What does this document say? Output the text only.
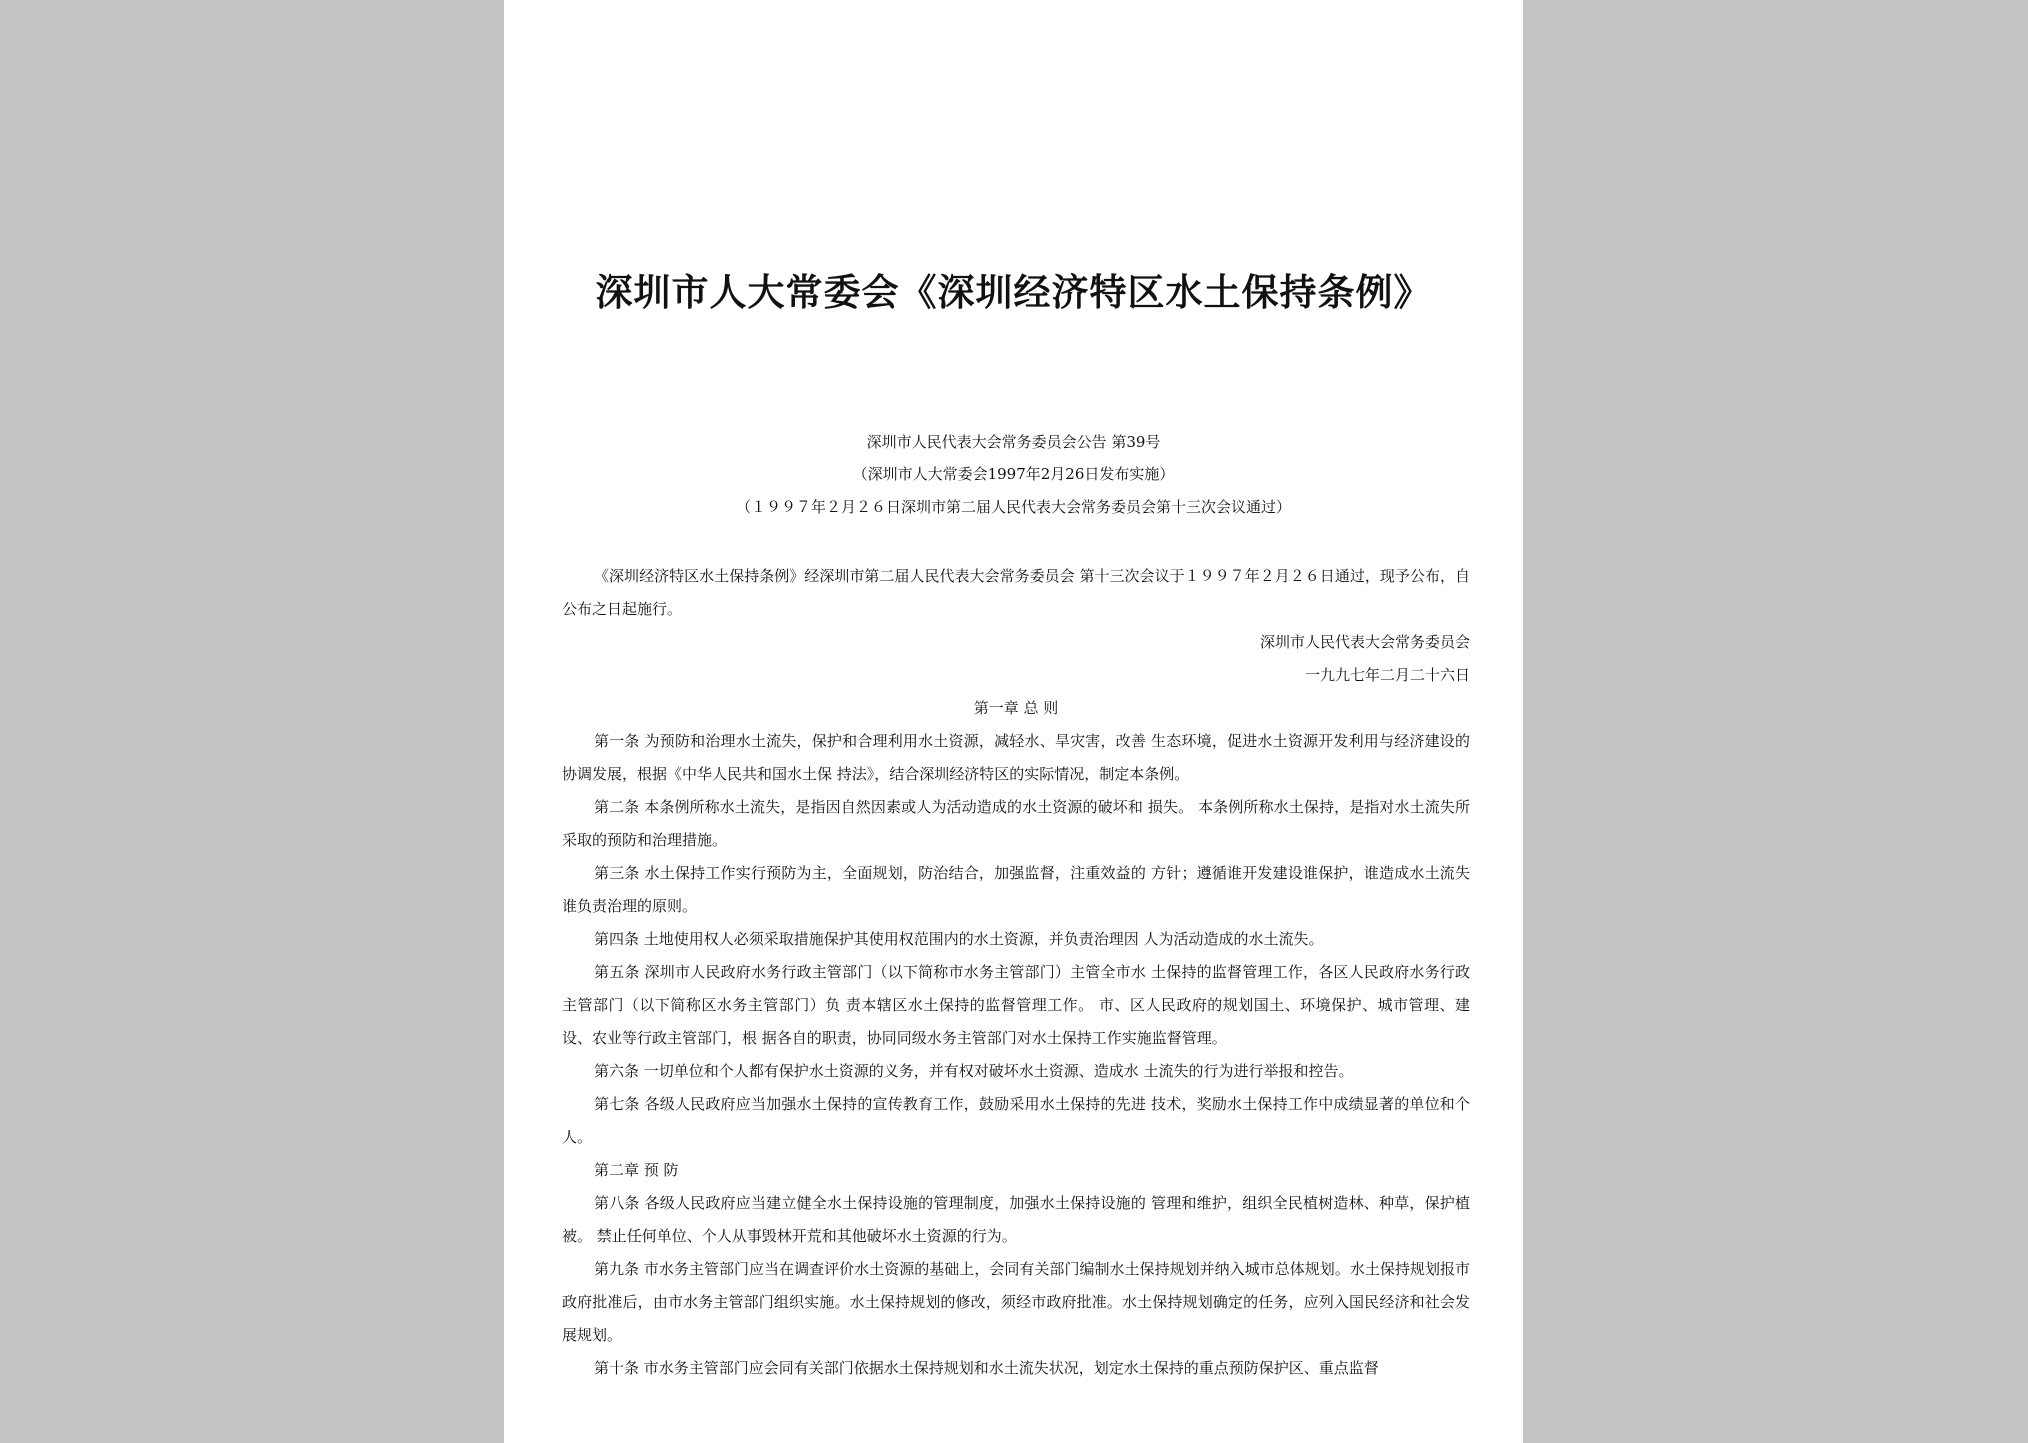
深圳市人大常委会《深圳经济特区水土保持条例》
深圳市人民代表大会常务委员会公告 第39号
（深圳市人大常委会1997年2月26日发布实施）
（１９９７年２月２６日深圳市第二届人民代表大会常务委员会第十三次会议通过）

《深圳经济特区水土保持条例》经深圳市第二届人民代表大会常务委员会 第十三次会议于１９９７年２月２６日通过，现予公布，自公布之日起施行。

深圳市人民代表大会常务委员会

一九九七年二月二十六日

第一章 总 则

第一条 为预防和治理水土流失，保护和合理利用水土资源，减轻水、旱灾害，改善 生态环境，促进水土资源开发利用与经济建设的协调发展，根据《中华人民共和国水土保 持法》，结合深圳经济特区的实际情况，制定本条例。

第二条 本条例所称水土流失，是指因自然因素或人为活动造成的水土资源的破坏和 损失。 本条例所称水土保持，是指对水土流失所采取的预防和治理措施。

第三条 水土保持工作实行预防为主，全面规划，防治结合，加强监督，注重效益的 方针；遵循谁开发建设谁保护，谁造成水土流失谁负责治理的原则。

第四条 土地使用权人必须采取措施保护其使用权范围内的水土资源，并负责治理因 人为活动造成的水土流失。

第五条 深圳市人民政府水务行政主管部门（以下简称市水务主管部门）主管全市水 土保持的监督管理工作，各区人民政府水务行政主管部门（以下简称区水务主管部门）负 责本辖区水土保持的监督管理工作。 市、区人民政府的规划国土、环境保护、城市管理、建设、农业等行政主管部门，根 据各自的职责，协同同级水务主管部门对水土保持工作实施监督管理。

第六条 一切单位和个人都有保护水土资源的义务，并有权对破坏水土资源、造成水 土流失的行为进行举报和控告。

第七条 各级人民政府应当加强水土保持的宣传教育工作，鼓励采用水土保持的先进 技术，奖励水土保持工作中成绩显著的单位和个人。

第二章 预 防

第八条 各级人民政府应当建立健全水土保持设施的管理制度，加强水土保持设施的 管理和维护，组织全民植树造林、种草，保护植被。 禁止任何单位、个人从事毁林开荒和其他破坏水土资源的行为。

第九条 市水务主管部门应当在调查评价水土资源的基础上，会同有关部门编制水土保持规划并纳入城市总体规划。水土保持规划报市政府批准后，由市水务主管部门组织实施。水土保持规划的修改，须经市政府批准。水土保持规划确定的任务，应列入国民经济和社会发展规划。

第十条 市水务主管部门应会同有关部门依据水土保持规划和水土流失状况，划定水土保持的重点预防保护区、重点监督
